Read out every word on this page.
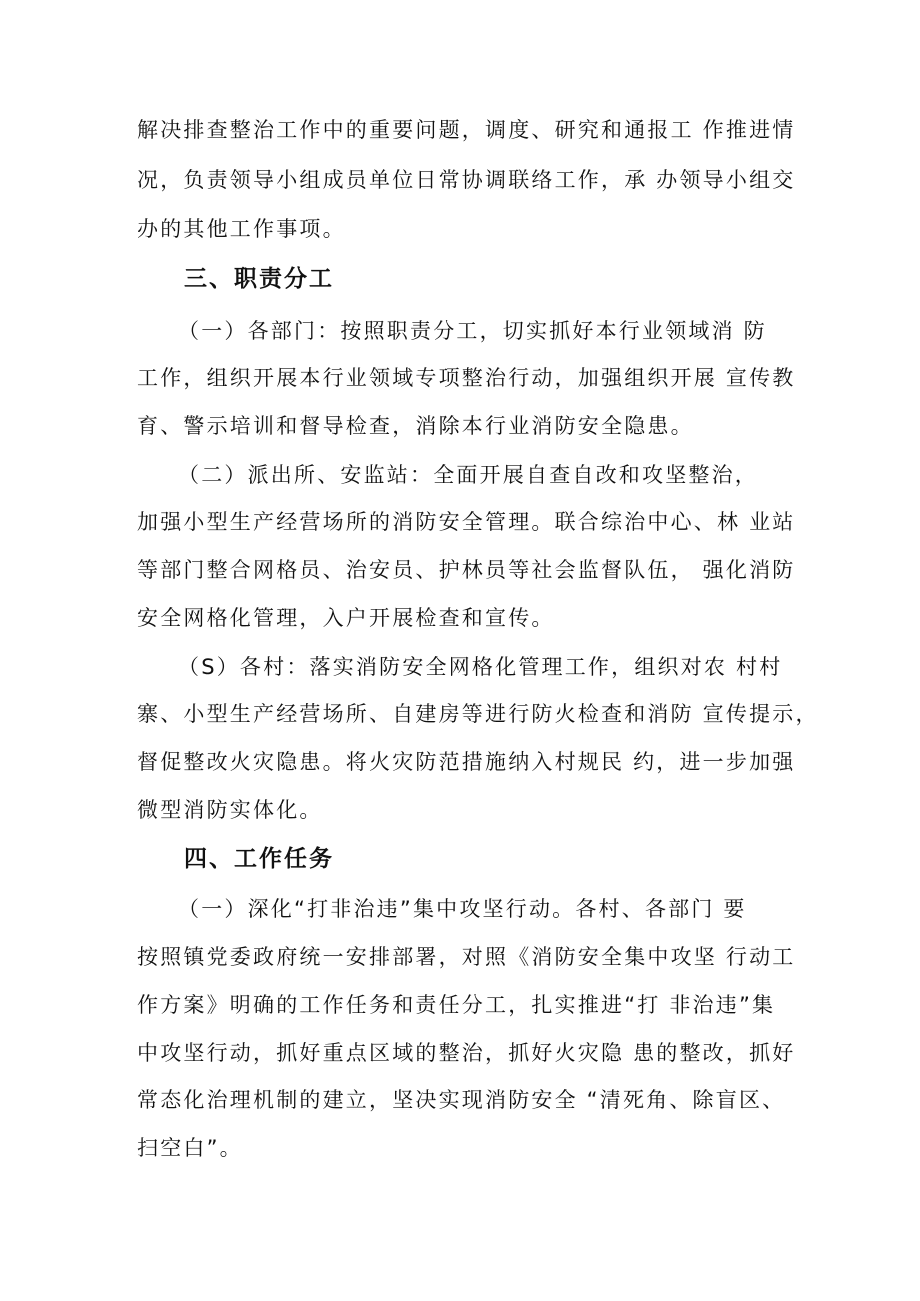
解决排查整治工作中的重要问题，调度、研究和通报工 作推进情
况，负责领导小组成员单位日常协调联络工作，承 办领导小组交
办的其他工作事项。
三、职责分工
（一）各部门：按照职责分工，切实抓好本行业领域消 防
工作，组织开展本行业领域专项整治行动，加强组织开展 宣传教
育、警示培训和督导检查，消除本行业消防安全隐患。
（二）派出所、安监站：全面开展自查自改和攻坚整治，
加强小型生产经营场所的消防安全管理。联合综治中心、林 业站
等部门整合网格员、治安员、护林员等社会监督队伍， 强化消防
安全网格化管理，入户开展检查和宣传。
（S）各村：落实消防安全网格化管理工作，组织对农 村村
寨、小型生产经营场所、自建房等进行防火检查和消防 宣传提示，
督促整改火灾隐患。将火灾防范措施纳入村规民 约，进一步加强
微型消防实体化。
四、工作任务
（一）深化“打非治违”集中攻坚行动。各村、各部门 要
按照镇党委政府统一安排部署，对照《消防安全集中攻坚 行动工
作方案》明确的工作任务和责任分工，扎实推进“打 非治违”集
中攻坚行动，抓好重点区域的整治，抓好火灾隐 患的整改，抓好
常态化治理机制的建立，坚决实现消防安全 “清死角、除盲区、
扫空白”。
